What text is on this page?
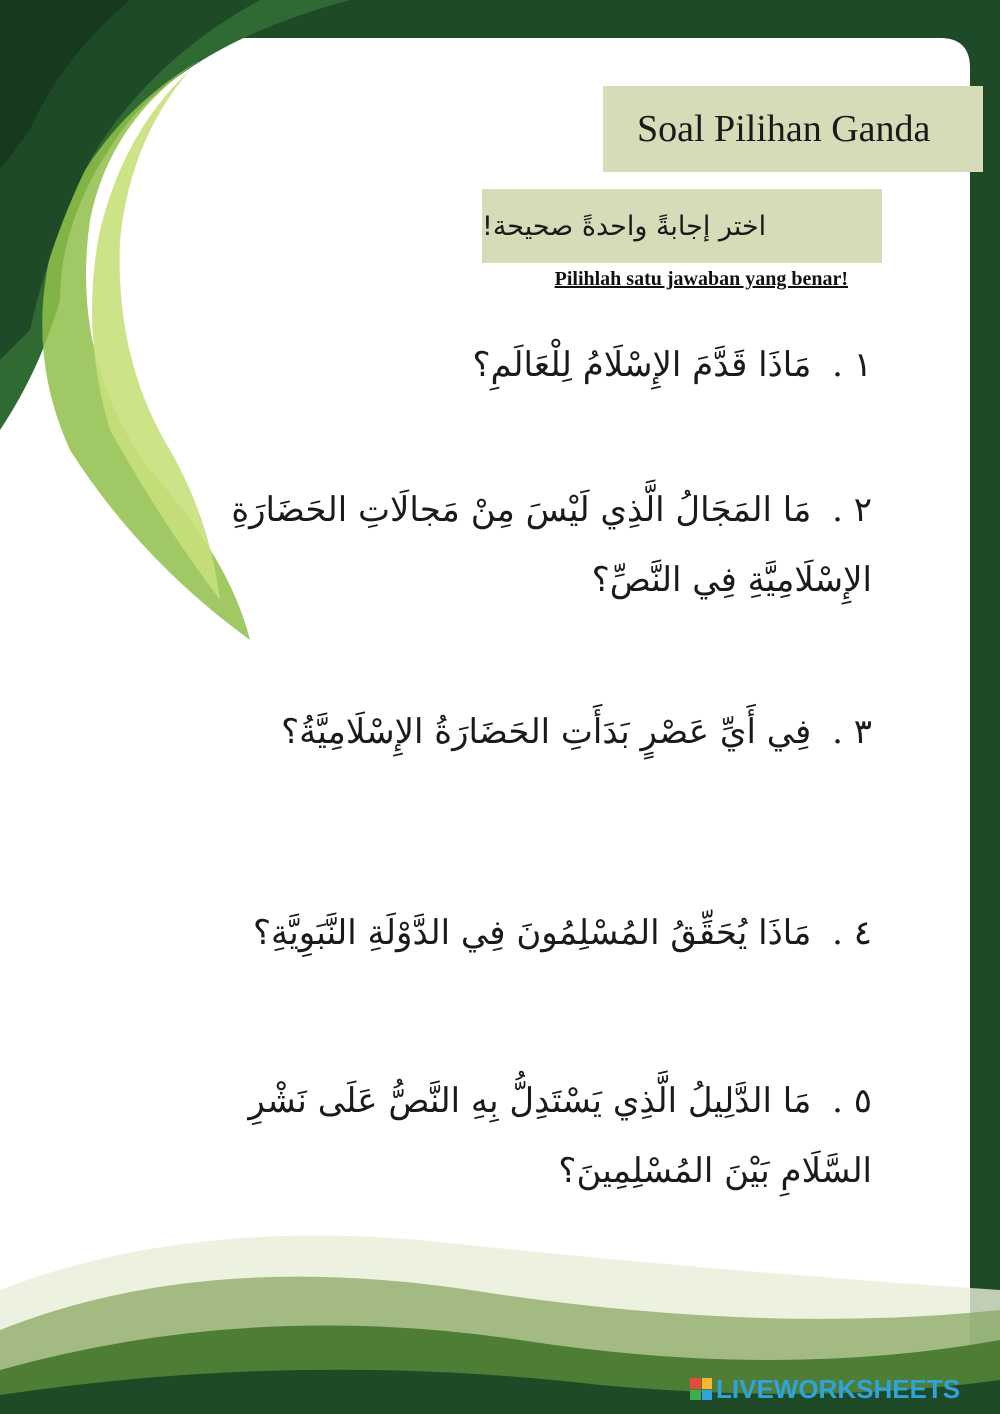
Soal Pilihan Ganda
اختر إجابةً واحدةً صحيحة!
Pilihlah satu jawaban yang benar!

١ . مَاذَا قَدَّمَ الإِسْلَامُ لِلْعَالَمِ؟

٢ . مَا المَجَالُ الَّذِي لَيْسَ مِنْ مَجالَاتِ الحَضَارَةِ الإِسْلَامِيَّةِ فِي النَّصِّ؟

٣ . فِي أَيِّ عَصْرٍ بَدَأَتِ الحَضَارَةُ الإِسْلَامِيَّةُ؟

٤ . مَاذَا يُحَقِّقُ المُسْلِمُونَ فِي الدَّوْلَةِ النَّبَوِيَّةِ؟

٥ . مَا الدَّلِيلُ الَّذِي يَسْتَدِلُّ بِهِ النَّصُّ عَلَى نَشْرِ السَّلَامِ بَيْنَ المُسْلِمِينَ؟

LIVEWORKSHEETS
